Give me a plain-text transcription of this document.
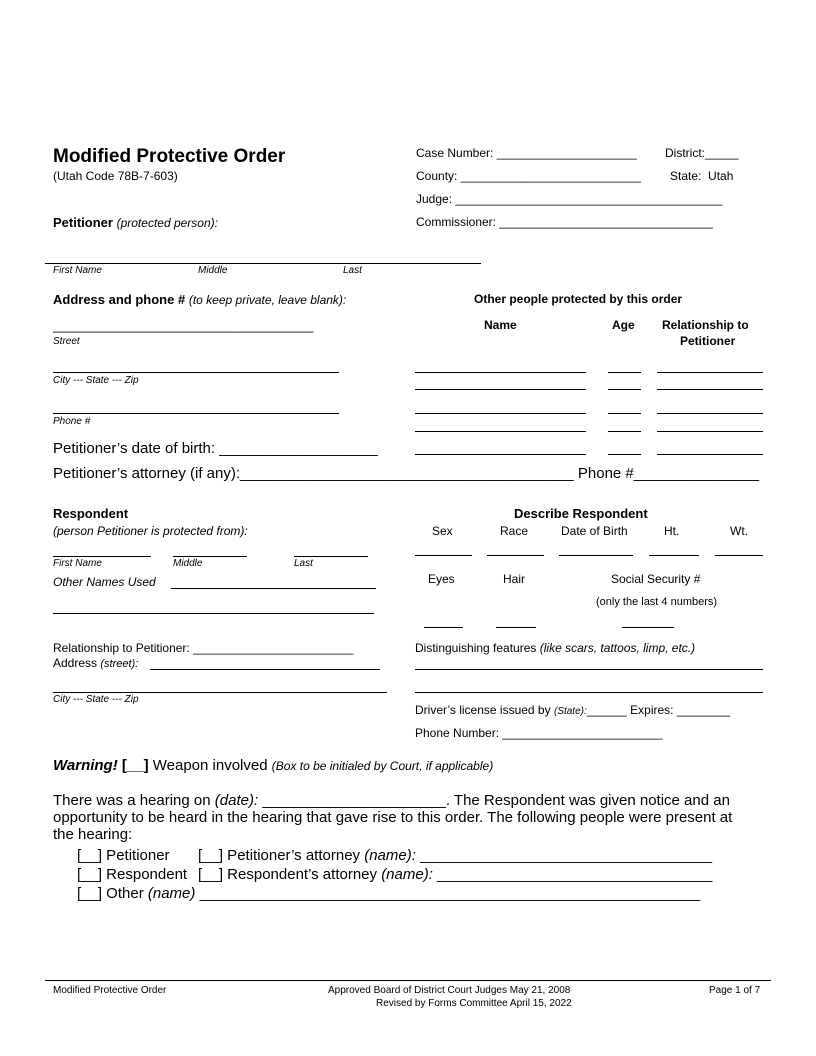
Modified Protective Order
(Utah Code 78B-7-603)
Case Number: _____________________ District:_____
County: ___________________________ State: Utah
Judge: ________________________________________
Commissioner: ________________________________
Petitioner (protected person):
First Name	Middle	Last
Address and phone # (to keep private, leave blank):
____________________________________
Street
City --- State --- Zip
Phone #
Petitioner’s date of birth: ___________________
Petitioner’s attorney (if any):________________________________________ Phone #_______________
Other people protected by this order
Name	Age Relationship to
Petitioner
Respondent
(person Petitioner is protected from):
First Name	Middle	Last
Other Names Used
Relationship to Petitioner: ________________________
Address (street):
City --- State --- Zip
Describe Respondent
Sex	Race	Date of Birth	Ht.	Wt.
Eyes	Hair	Social Security #
(only the last 4 numbers)
Distinguishing features (like scars, tattoos, limp, etc.)
Driver’s license issued by (State):______ Expires: ________
Phone Number: ________________________
Warning! [__] Weapon involved (Box to be initialed by Court, if applicable)
There was a hearing on (date): ______________________. The Respondent was given notice and an
opportunity to be heard in the hearing that gave rise to this order. The following people were present at
the hearing:
[__] Petitioner [__] Petitioner’s attorney (name): ___________________________________
[__] Respondent [__] Respondent’s attorney (name): _________________________________
[__] Other (name) ____________________________________________________________
Modified Protective Order	Approved Board of District Court Judges May 21, 2008
Revised by Forms Committee April 15, 2022
Page 1 of 7
